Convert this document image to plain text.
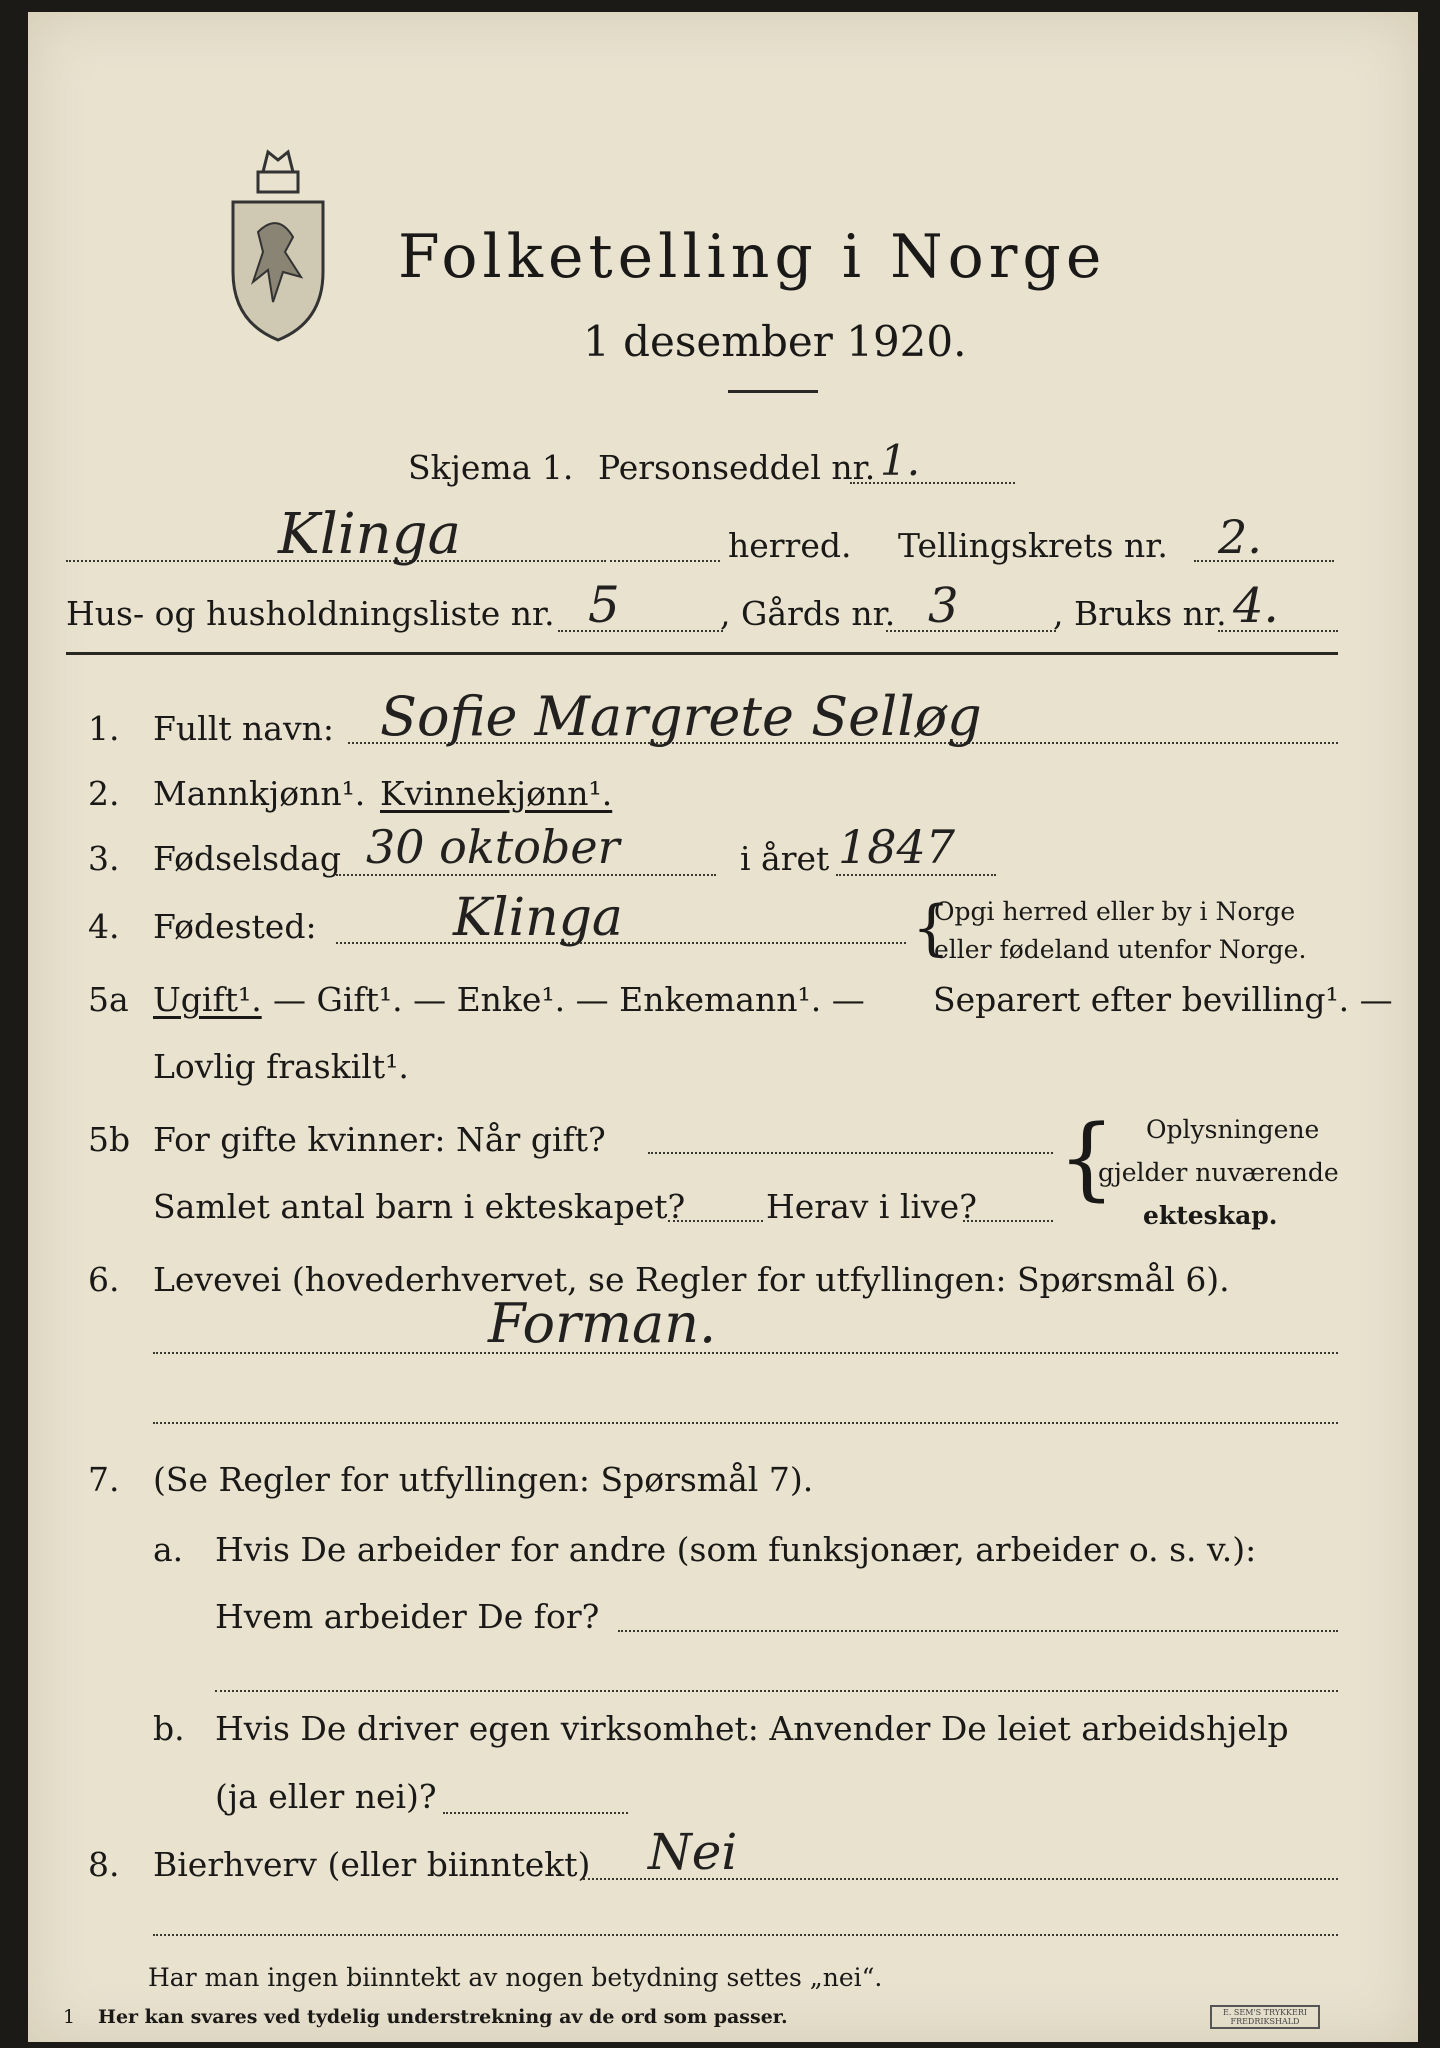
Folketelling i Norge
1 desember 1920.
Skjema 1. Personseddel nr. 1.
Klinga	herred. Tellingskrets nr. 2.
Hus- og husholdningsliste nr. 5	, Gårds nr. 3	, Bruks nr. 4.
1. Fullt navn: Sofie Margrete Selløg
2. Mannkjønn¹. Kvinnekjønn¹.
3. Fødselsdag 30 oktober	i året 1847
4. Fødested:	Klinga	Opgi herred eller by i Norge
eller fødeland utenfor Norge.
{
5a Ugift¹. — Gift¹. — Enke¹. — Enkemann¹. — Separert efter bevilling¹. —
Lovlig fraskilt¹.
5b For gifte kvinner: Når gift?
Samlet antal barn i ekteskapet? Herav i live? { Oplysningene
gjelder nuværende
ekteskap.
6. Levevei (hovederhvervet, se Regler for utfyllingen: Spørsmål 6).
Forman.
7. (Se Regler for utfyllingen: Spørsmål 7).
a. Hvis De arbeider for andre (som funksjonær, arbeider o. s. v.):
Hvem arbeider De for?
b. Hvis De driver egen virksomhet: Anvender De leiet arbeidshjelp
(ja eller nei)?
8. Bierhverv (eller biinntekt) Nei
Har man ingen biinntekt av nogen betydning settes „nei“.
1 Her kan svares ved tydelig understrekning av de ord som passer.	E. SEM'S TRYKKERI
FREDRIKSHALD
